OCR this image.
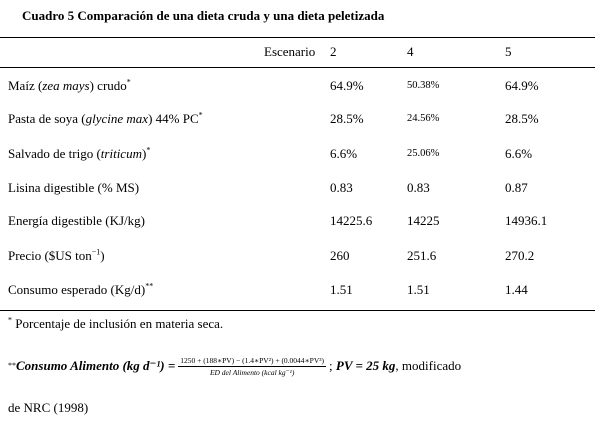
Cuadro 5 Comparación de una dieta cruda y una dieta peletizada
Escenario 2	4	5
Maíz (zea mays) crudo*	64.9%	50.38%	64.9%
Pasta de soya (glycine max) 44% PC*	28.5%	24.56%	28.5%
Salvado de trigo (triticum)*	6.6%	25.06%	6.6%
Lisina digestible (% MS)	0.83	0.83	0.87
Energía digestible (KJ/kg)	14225.6	14225	14936.1
Precio ($US ton$^{-1}$)	260	251.6	270.2
Consumo esperado (Kg/d)**	1.51	1.51	1.44
* Porcentaje de inclusión en materia seca.
** Consumo Alimento (kg $d^{-1}) = \frac{\text{1250 + (188∗PV) − (1.4∗PV²) + (0.0044∗PV³)}}{\text{ED del Alimento (kcal kg⁻¹)}}$ ; PV = 25 kg, modificado
de NRC (1998)
